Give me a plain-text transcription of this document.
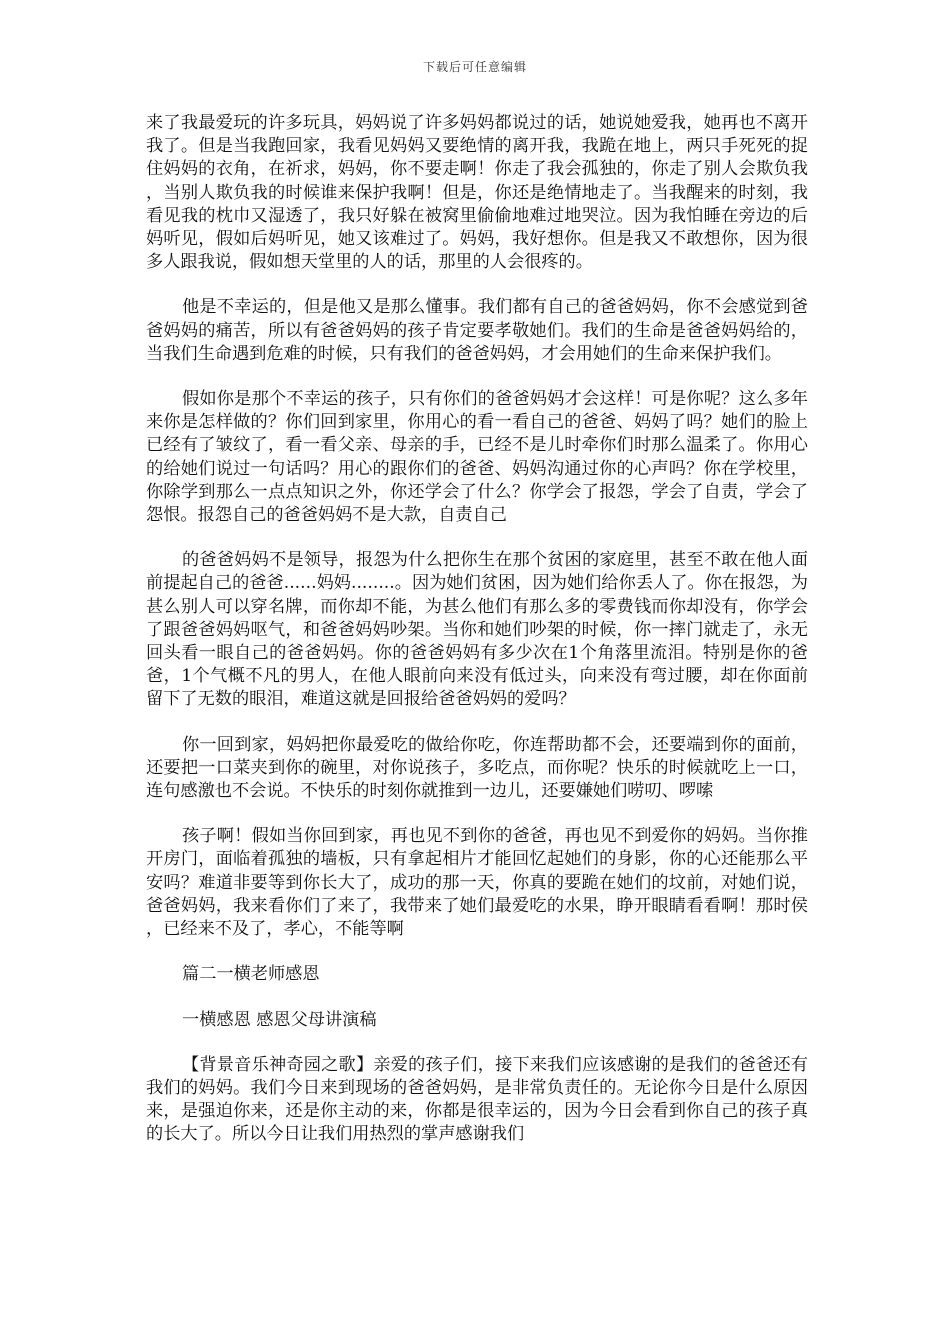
下载后可任意编辑

来了我最爱玩的许多玩具，妈妈说了许多妈妈都说过的话，她说她爱我，她再也不离开我了。但是当我跑回家，我看见妈妈又要绝情的离开我，我跪在地上，两只手死死的捉住妈妈的衣角，在祈求，妈妈，你不要走啊！你走了我会孤独的，你走了别人会欺负我，当别人欺负我的时候谁来保护我啊！但是，你还是绝情地走了。当我醒来的时刻，我看见我的枕巾又湿透了，我只好躲在被窝里偷偷地难过地哭泣。因为我怕睡在旁边的后妈听见，假如后妈听见，她又该难过了。妈妈，我好想你。但是我又不敢想你，因为很多人跟我说，假如想天堂里的人的话，那里的人会很疼的。

他是不幸运的，但是他又是那么懂事。我们都有自己的爸爸妈妈，你不会感觉到爸爸妈妈的痛苦，所以有爸爸妈妈的孩子肯定要孝敬她们。我们的生命是爸爸妈妈给的，当我们生命遇到危难的时候，只有我们的爸爸妈妈，才会用她们的生命来保护我们。

假如你是那个不幸运的孩子，只有你们的爸爸妈妈才会这样！可是你呢？这么多年来你是怎样做的？你们回到家里，你用心的看一看自己的爸爸、妈妈了吗？她们的脸上已经有了皱纹了，看一看父亲、母亲的手，已经不是儿时牵你们时那么温柔了。你用心的给她们说过一句话吗？用心的跟你们的爸爸、妈妈沟通过你的心声吗？你在学校里，你除学到那么一点点知识之外，你还学会了什么？你学会了报怨，学会了自责，学会了怨恨。报怨自己的爸爸妈妈不是大款，自责自己

的爸爸妈妈不是领导，报怨为什么把你生在那个贫困的家庭里，甚至不敢在他人面前提起自己的爸爸......妈妈........。因为她们贫困，因为她们给你丢人了。你在报怨，为甚么别人可以穿名牌，而你却不能，为甚么他们有那么多的零费钱而你却没有，你学会了跟爸爸妈妈呕气，和爸爸妈妈吵架。当你和她们吵架的时候，你一摔门就走了，永无回头看一眼自己的爸爸妈妈。你的爸爸妈妈有多少次在1个角落里流泪。特别是你的爸爸，1个气概不凡的男人，在他人眼前向来没有低过头，向来没有弯过腰，却在你面前留下了无数的眼泪，难道这就是回报给爸爸妈妈的爱吗？

你一回到家，妈妈把你最爱吃的做给你吃，你连帮助都不会，还要端到你的面前，还要把一口菜夹到你的碗里，对你说孩子，多吃点，而你呢？快乐的时候就吃上一口，连句感激也不会说。不快乐的时刻你就推到一边儿，还要嫌她们唠叨、啰嗦

孩子啊！假如当你回到家，再也见不到你的爸爸，再也见不到爱你的妈妈。当你推开房门，面临着孤独的墙板，只有拿起相片才能回忆起她们的身影，你的心还能那么平安吗？难道非要等到你长大了，成功的那一天，你真的要跪在她们的坟前，对她们说，爸爸妈妈，我来看你们了来了，我带来了她们最爱吃的水果，睁开眼睛看看啊！那时侯，已经来不及了，孝心，不能等啊

篇二一横老师感恩

一横感恩 感恩父母讲演稿

【背景音乐神奇园之歌】亲爱的孩子们，接下来我们应该感谢的是我们的爸爸还有我们的妈妈。我们今日来到现场的爸爸妈妈，是非常负责任的。无论你今日是什么原因来，是强迫你来，还是你主动的来，你都是很幸运的，因为今日会看到你自己的孩子真的长大了。所以今日让我们用热烈的掌声感谢我们
